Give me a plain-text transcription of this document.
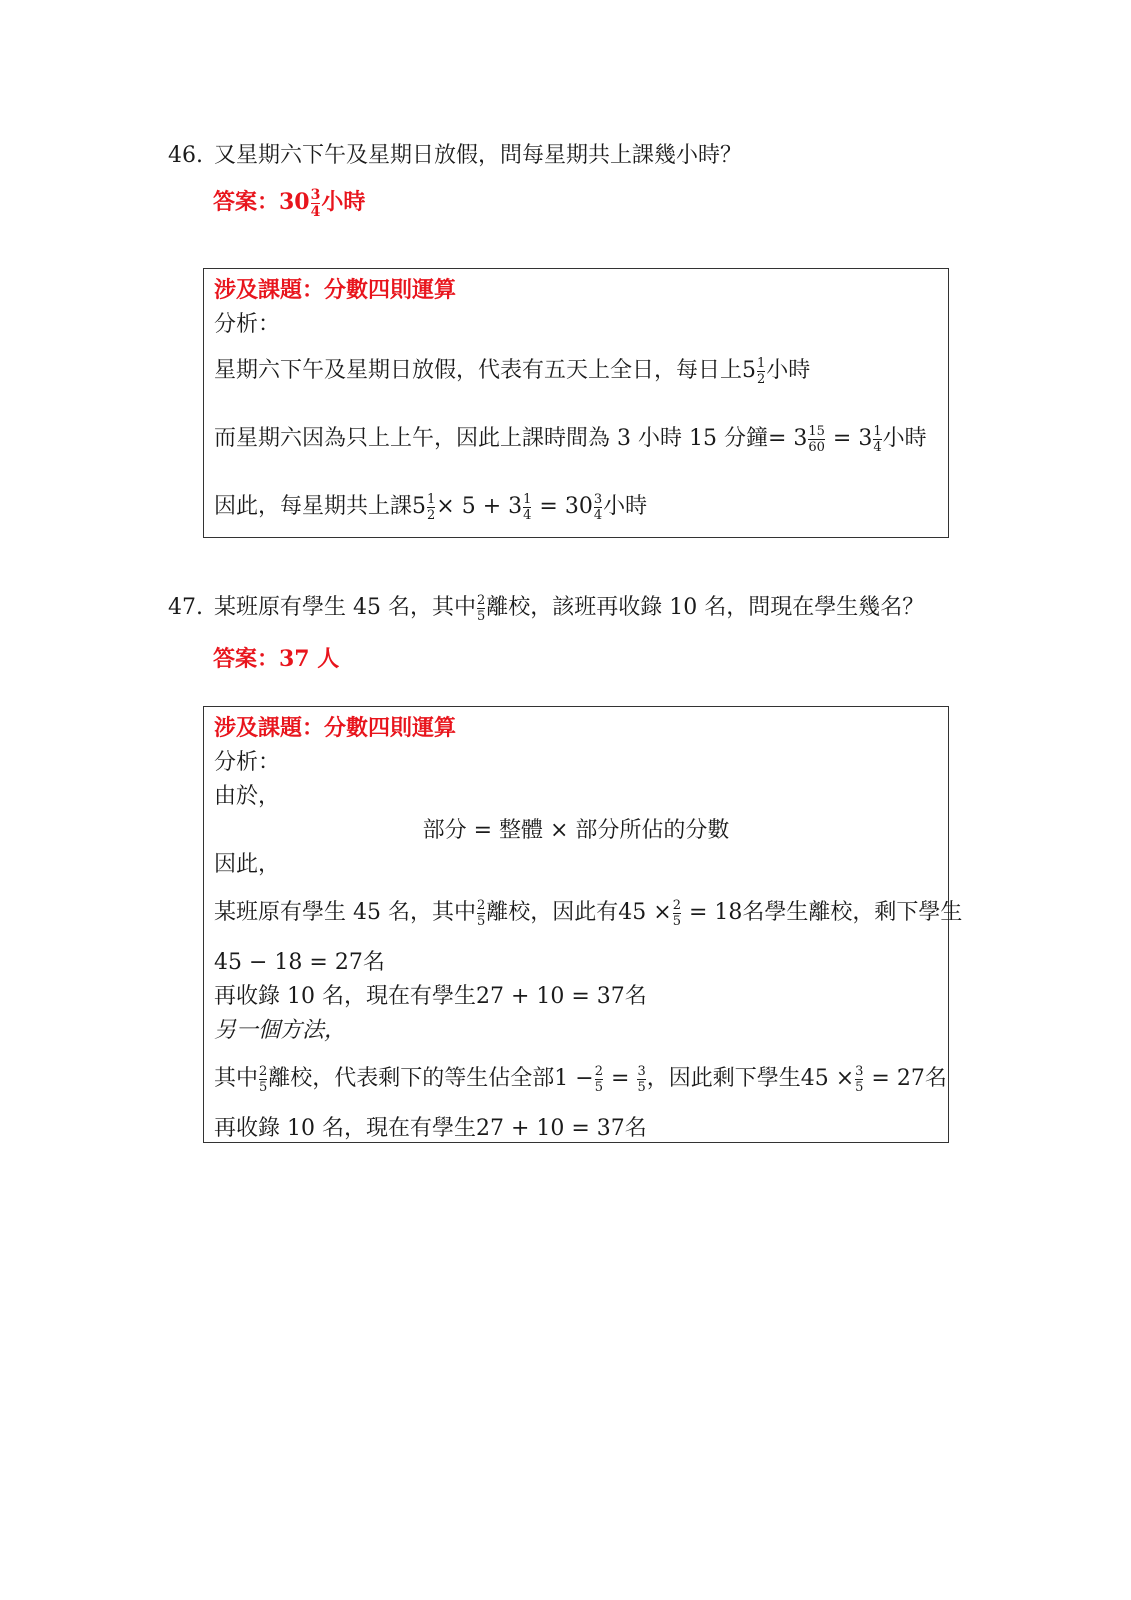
46. 又星期六下午及星期日放假，問每星期共上課幾小時？
答案：$30 \frac{3}{4}$ 小時
涉及課題：分數四則運算
分析：
星期六下午及星期日放假，代表有五天上全日，每日上$5 \frac{1}{2}$ 小時
而星期六因為只上上午，因此上課時間為 3 小時 15 分鐘= $3 \frac{15}{60} = 3 \frac{1}{4}$ 小時
因此，每星期共上課$5 \frac{1}{2} \times 5 + 3 \frac{1}{4} = 30 \frac{3}{4}$ 小時
47. 某班原有學生 45 名，其中 $\frac{2}{5}$ 離校，該班再收錄 10 名，問現在學生幾名？
答案：37 人
涉及課題：分數四則運算
分析：
由於，
部分 = 整體 × 部分所佔的分數
因此，
某班原有學生 45 名，其中 $\frac{2}{5}$ 離校，因此有$45 \times \frac{2}{5} = 18$名學生離校，剩下學生
45 − 18 = 27名
再收錄 10 名，現在有學生27 + 10 = 37名
另一個方法，
其中 $\frac{2}{5}$ 離校，代表剩下的等生佔全部$1 - \frac{2}{5} = \frac{3}{5}$ ，因此剩下學生$45 \times \frac{3}{5} = 27$名
再收錄 10 名，現在有學生27 + 10 = 37名
